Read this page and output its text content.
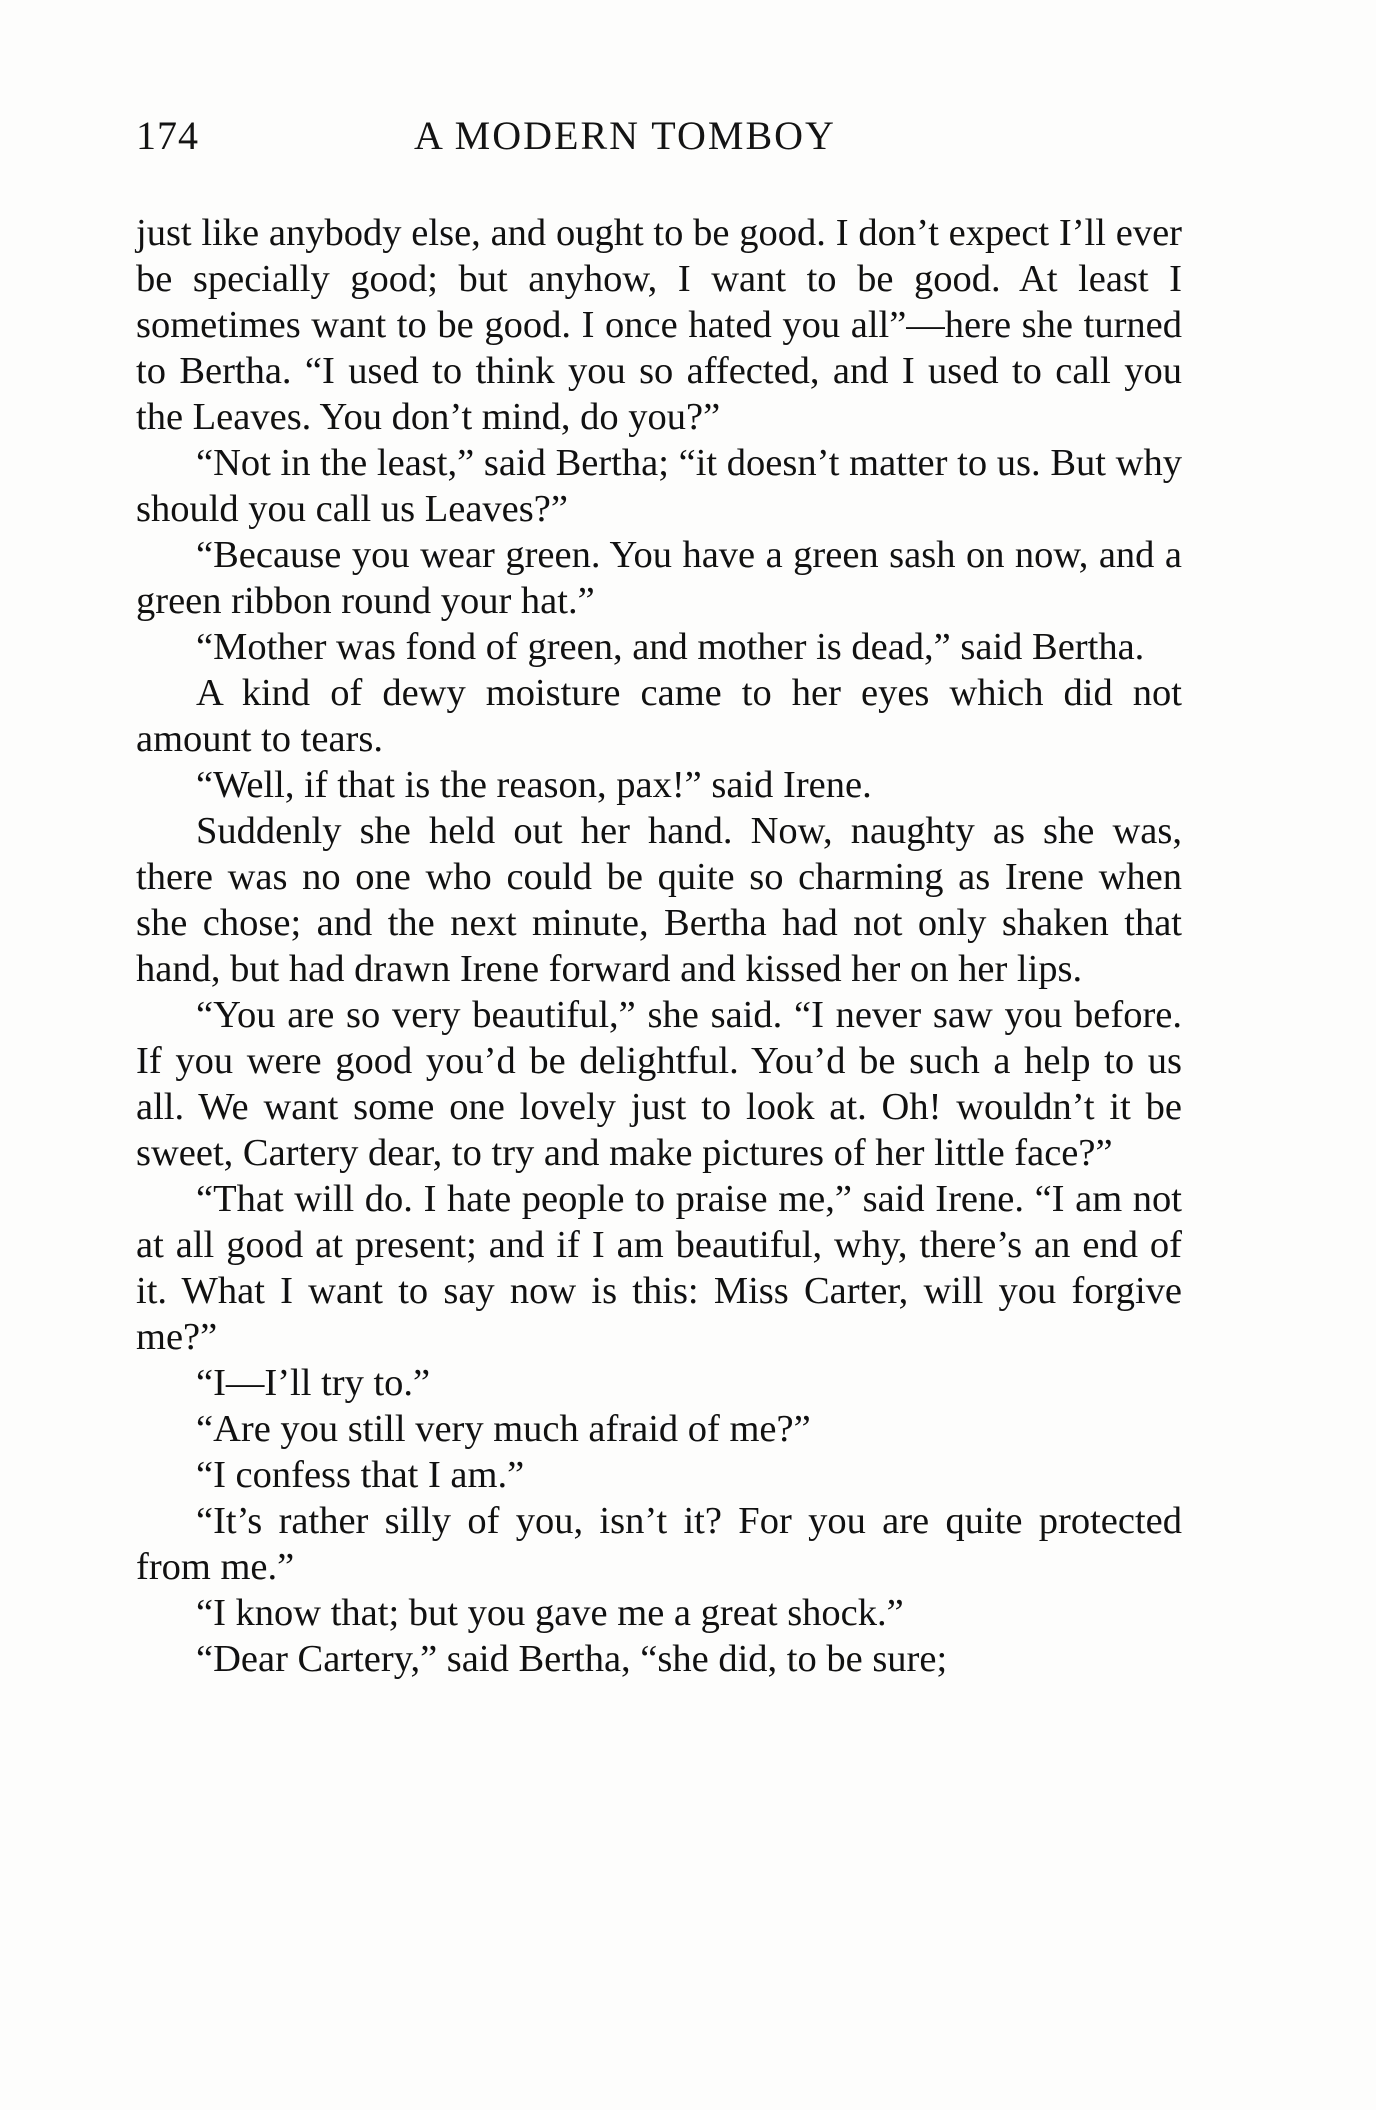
174	A MODERN TOMBOY

just like anybody else, and ought to be good. I don’t expect I’ll ever be specially good; but anyhow, I want to be good. At least I sometimes want to be good. I once hated you all”—here she turned to Bertha. “I used to think you so affected, and I used to call you the Leaves. You don’t mind, do you?”

“Not in the least,” said Bertha; “it doesn’t matter to us. But why should you call us Leaves?”

“Because you wear green. You have a green sash on now, and a green ribbon round your hat.”

“Mother was fond of green, and mother is dead,” said Bertha.

A kind of dewy moisture came to her eyes which did not amount to tears.

“Well, if that is the reason, pax!” said Irene.

Suddenly she held out her hand. Now, naughty as she was, there was no one who could be quite so charming as Irene when she chose; and the next minute, Bertha had not only shaken that hand, but had drawn Irene forward and kissed her on her lips.

“You are so very beautiful,” she said. “I never saw you before. If you were good you’d be delightful. You’d be such a help to us all. We want some one lovely just to look at. Oh! wouldn’t it be sweet, Cartery dear, to try and make pictures of her little face?”

“That will do. I hate people to praise me,” said Irene. “I am not at all good at present; and if I am beautiful, why, there’s an end of it. What I want to say now is this: Miss Carter, will you forgive me?”

“I—I’ll try to.”

“Are you still very much afraid of me?”

“I confess that I am.”

“It’s rather silly of you, isn’t it? For you are quite protected from me.”

“I know that; but you gave me a great shock.”

“Dear Cartery,” said Bertha, “she did, to be sure;
